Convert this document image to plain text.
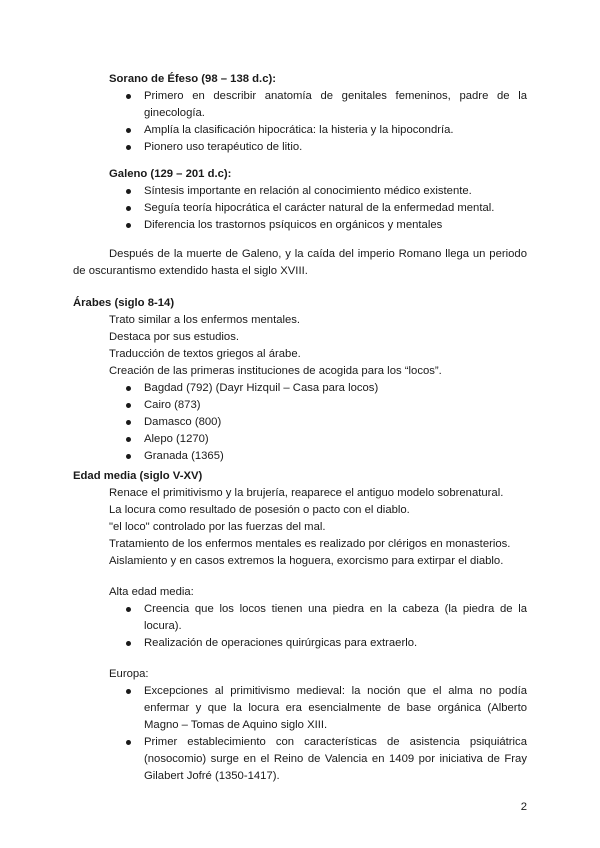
Sorano de Éfeso (98 – 138 d.c):
Primero en describir anatomía de genitales femeninos, padre de la ginecología.
Amplía la clasificación hipocrática: la histeria y la hipocondría.
Pionero uso terapéutico de litio.
Galeno (129 – 201 d.c):
Síntesis importante en relación al conocimiento médico existente.
Seguía teoría hipocrática el carácter natural de la enfermedad mental.
Diferencia los trastornos psíquicos en orgánicos y mentales
Después de la muerte de Galeno, y la caída del imperio Romano llega un periodo de oscurantismo extendido hasta el siglo XVIII.
Árabes (siglo 8-14)
Trato similar a los enfermos mentales.
Destaca por sus estudios.
Traducción de textos griegos al árabe.
Creación de las primeras instituciones de acogida para los “locos”.
Bagdad (792) (Dayr Hizquil – Casa para locos)
Cairo (873)
Damasco (800)
Alepo (1270)
Granada (1365)
Edad media (siglo V-XV)
Renace el primitivismo y la brujería, reaparece el antiguo modelo sobrenatural.
La locura como resultado de posesión o pacto con el diablo.
"el loco" controlado por las fuerzas del mal.
Tratamiento de los enfermos mentales es realizado por clérigos en monasterios.
Aislamiento y en casos extremos la hoguera, exorcismo para extirpar el diablo.
Alta edad media:
Creencia que los locos tienen una piedra en la cabeza (la piedra de la locura).
Realización de operaciones quirúrgicas para extraerlo.
Europa:
Excepciones al primitivismo medieval: la noción que el alma no podía enfermar y que la locura era esencialmente de base orgánica (Alberto Magno – Tomas de Aquino siglo XIII.
Primer establecimiento con características de asistencia psiquiátrica (nosocomio) surge en el Reino de Valencia en 1409 por iniciativa de Fray Gilabert Jofré (1350-1417).
2
